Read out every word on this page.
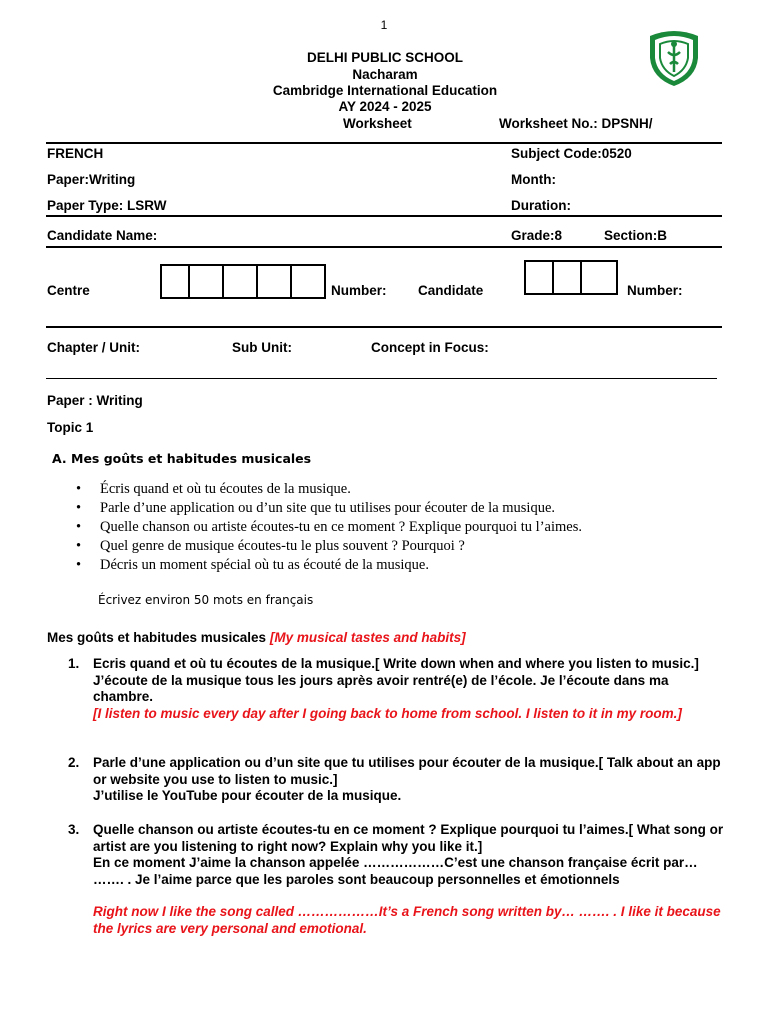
1
DELHI PUBLIC SCHOOL
Nacharam
Cambridge International Education
AY 2024 - 2025
Worksheet	Worksheet No.: DPSNH/
FRENCH	Subject Code:0520
Paper:Writing	Month:
Paper Type: LSRW	Duration:
Candidate Name:	Grade:8	Section:B
Centre	Number: Candidate	Number:
Chapter / Unit:	Sub Unit:	Concept in Focus:
Paper : Writing
Topic 1
A. Mes goûts et habitudes musicales
• Écris quand et où tu écoutes de la musique.
• Parle d’une application ou d’un site que tu utilises pour écouter de la musique.
• Quelle chanson ou artiste écoutes-tu en ce moment ? Explique pourquoi tu l’aimes.
• Quel genre de musique écoutes-tu le plus souvent ? Pourquoi ?
• Décris un moment spécial où tu as écouté de la musique.
Écrivez environ 50 mots en français
Mes goûts et habitudes musicales [My musical tastes and habits]
1. Ecris quand et où tu écoutes de la musique.[ Write down when and where you listen to music.]
J’écoute de la musique tous les jours après avoir rentré(e) de l’école. Je l’écoute dans ma chambre.
[I listen to music every day after I going back to home from school. I listen to it in my room.]
2. Parle d’une application ou d’un site que tu utilises pour écouter de la musique.[ Talk about an app or website you use to listen to music.]
J’utilise le YouTube pour écouter de la musique.
3. Quelle chanson ou artiste écoutes-tu en ce moment ? Explique pourquoi tu l’aimes.[ What song or artist are you listening to right now? Explain why you like it.]
En ce moment J’aime la chanson appelée ………………C’est une chanson française écrit par… ……. . Je l’aime parce que les paroles sont beaucoup personnelles et émotionnels
Right now I like the song called ………………It’s a French song written by… ……. . I like it because the lyrics are very personal and emotional.
